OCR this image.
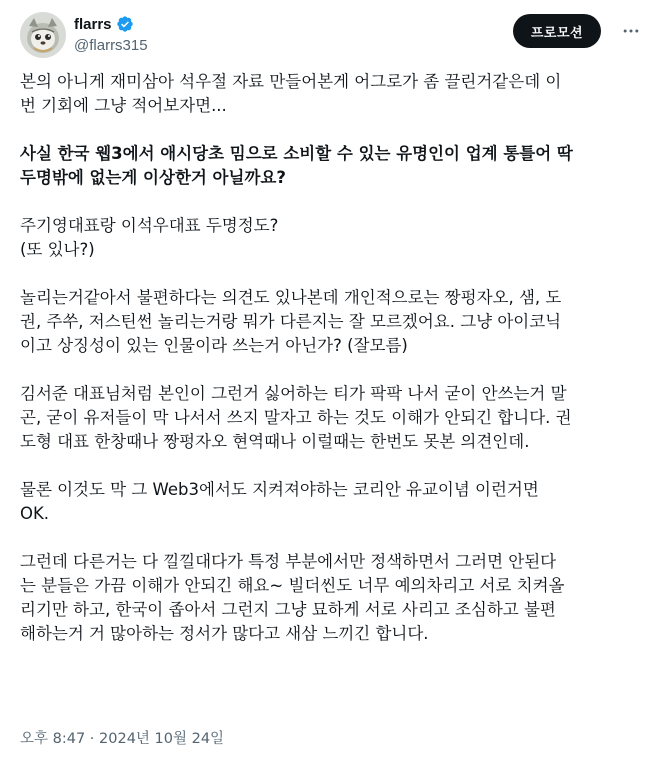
flarrs
@flarrs315
프로모션

본의 아니게 재미삼아 석우절 자료 만들어본게 어그로가 좀 끌린거같은데 이
번 기회에 그냥 적어보자면...

사실 한국 웹3에서 애시당초 밈으로 소비할 수 있는 유명인이 업계 통틀어 딱
두명밖에 없는게 이상한거 아닐까요?

주기영대표랑 이석우대표 두명정도?
(또 있나?)

놀리는거같아서 불편하다는 의견도 있나본데 개인적으로는 짱펑자오, 샘, 도
권, 주쑤, 저스틴썬 놀리는거랑 뭐가 다른지는 잘 모르겠어요. 그냥 아이코닉
이고 상징성이 있는 인물이라 쓰는거 아닌가? (잘모름)

김서준 대표님처럼 본인이 그런거 싫어하는 티가 팍팍 나서 굳이 안쓰는거 말
곤, 굳이 유저들이 막 나서서 쓰지 말자고 하는 것도 이해가 안되긴 합니다. 권
도형 대표 한창때나 짱펑자오 현역때나 이럴때는 한번도 못본 의견인데.

물론 이것도 막 그 Web3에서도 지켜져야하는 코리안 유교이념 이런거면
OK.

그런데 다른거는 다 낄낄대다가 특정 부분에서만 정색하면서 그러면 안된다
는 분들은 가끔 이해가 안되긴 해요~ 빌더씬도 너무 예의차리고 서로 치켜올
리기만 하고, 한국이 좁아서 그런지 그냥 묘하게 서로 사리고 조심하고 불편
해하는거 거 많아하는 정서가 많다고 새삼 느끼긴 합니다.

오후 8:47 · 2024년 10월 24일
